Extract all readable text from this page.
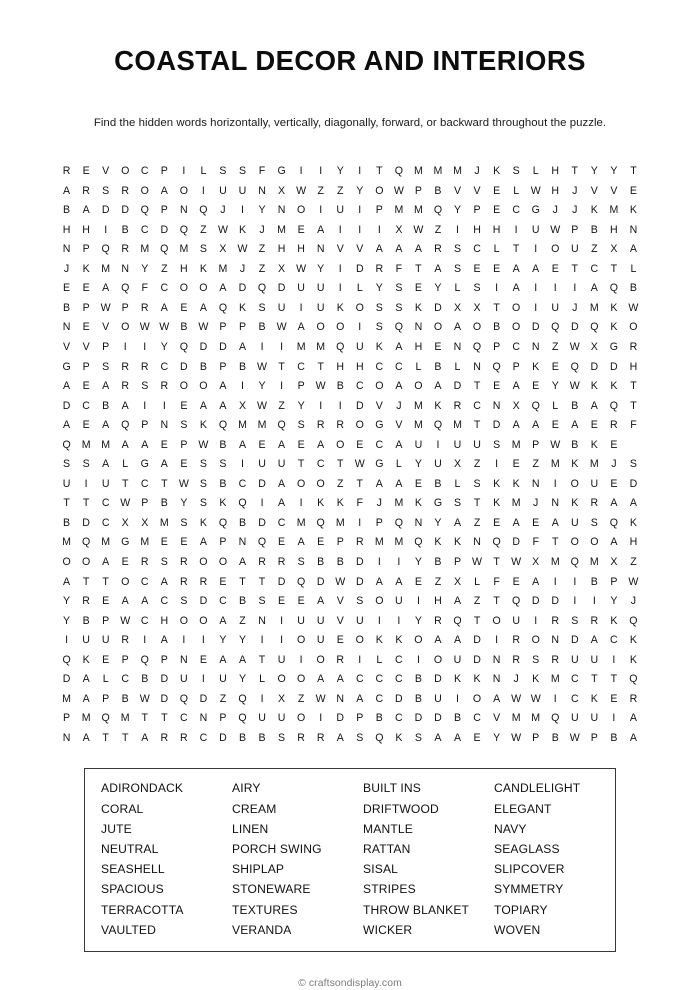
COASTAL DECOR AND INTERIORS

Find the hidden words horizontally, vertically, diagonally, forward, or backward throughout the puzzle.

R E V O C P I L S S F G I I Y I T Q M M M J K S L H T Y Y T
A R S R O A O I U U N X W Z Z Y O W P B V V E L W H J V V E
B A D D Q P N Q J I Y N O I U I P M M Q Y P E C G J J K M K
H H I B C D Q Z W K J M E A I I I X W Z I H H I U W P B H N
N P Q R M Q M S X W Z H H N V V A A A R S C L T I O U Z X A
J K M N Y Z H K M J Z X W Y I D R F T A S E E A A E T C T L
E E A Q F C O O A D Q D U U I L Y S E Y L S I A I I I A Q B
B P W P R A E A Q K S U I U K O S S K D X X T O I U J M K W
N E V O W W B W P P B W A O O I S Q N O A O B O D Q D Q K O
V V P I I Y Q D D A I I M M Q U K A H E N Q P C N Z W X G R
G P S R R C D B P B W T C T H H C C L B L N Q P K E Q D D H
A E A R S R O O A I Y I P W B C O A O A D T E A E Y W K K T
D C B A I I E A A X W Z Y I I D V J M K R C N X Q L B A Q T
A E A Q P N S K Q M M Q S R R O G V M Q M T D A A E A E R F
Q M M A A E P W B A E A E A O E C A U I U U S M P W B K E
S S A L G A E S S I U U T C T W G L Y U X Z I E Z M K M J S
U I U T C T W S B C D A O O Z T A A E B L S K K N I O U E D
T T C W P B Y S K Q I A I K K F J M K G S T K M J N K R A A
B D C X X M S K Q B D C M Q M I P Q N Y A Z E A E A U S Q K
M Q M G M E E A P N Q E A E P R M M Q K K N Q D F T O O A H
O O A E R S R O O A R R S B B D I I Y B P W T W X M Q M X Z
A T T O C A R R E T T D Q D W D A A E Z X L F E A I I B P W
Y R E A A C S D C B S E E A V S O U I H A Z T Q D D I I Y J
Y B P W C H O O A Z N I U U V U I I Y R Q T O U I R S R K Q
I U U R I A I I Y Y I I O U E O K K O A A D I R O N D A C K
Q K E P Q P N E A A T U I O R I L C I O U D N R S R U U I K
D A L C B D U I U Y L O O A A C C C B D K K N J K M C T T Q
M A P B W D Q D Z Q I X Z W N A C D B U I O A W W I C K E R
P M Q M T T C N P Q U U O I D P B C D D B C V M M Q U U I A
N A T T A R R C D B B S R R A S Q K S A A E Y W P B W P B A
ADIRONDACK	AIRY	BUILT INS	CANDLELIGHT
CORAL	CREAM	DRIFTWOOD	ELEGANT
JUTE	LINEN	MANTLE	NAVY
NEUTRAL	PORCH SWING	RATTAN	SEAGLASS
SEASHELL	SHIPLAP	SISAL	SLIPCOVER
SPACIOUS	STONEWARE	STRIPES	SYMMETRY
TERRACOTTA	TEXTURES	THROW BLANKET	TOPIARY
VAULTED	VERANDA	WICKER	WOVEN
© craftsondisplay.com
